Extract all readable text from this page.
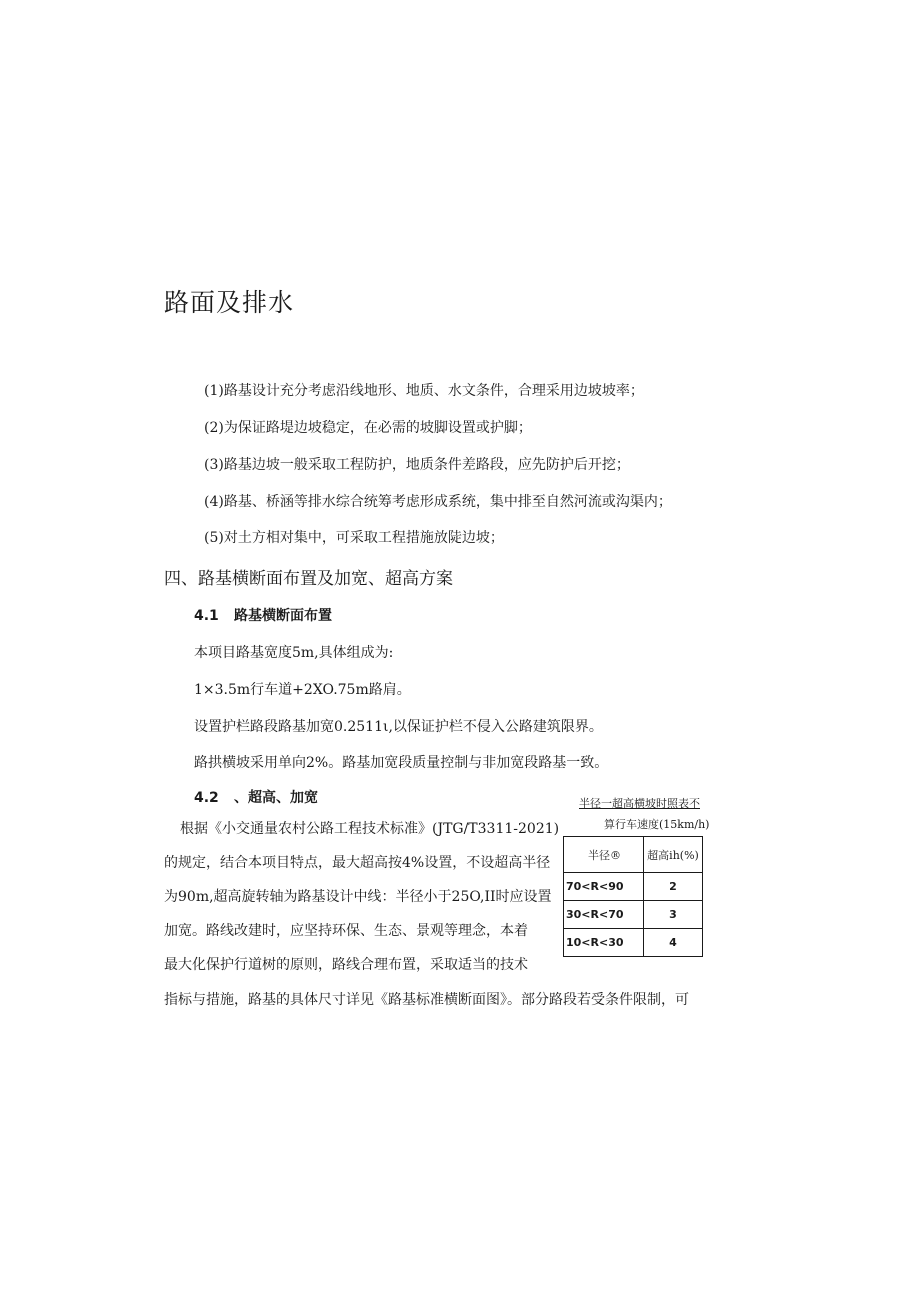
路面及排水
(1)路基设计充分考虑沿线地形、地质、水文条件，合理采用边坡坡率；
(2)为保证路堤边坡稳定，在必需的坡脚设置或护脚；
(3)路基边坡一般采取工程防护，地质条件差路段，应先防护后开挖；
(4)路基、桥涵等排水综合统筹考虑形成系统，集中排至自然河流或沟渠内；
(5)对土方相对集中，可采取工程措施放陡边坡；
四、路基横断面布置及加宽、超高方案
4.1 路基横断面布置
本项目路基宽度5m,具体组成为:
1×3.5m行车道+2XO.75m路肩。
设置护栏路段路基加宽0.2511ι,以保证护栏不侵入公路建筑限界。
路拱横坡采用单向2%。路基加宽段质量控制与非加宽段路基一致。
4.2 、超高、加宽
根据《小交通量农村公路工程技术标准》(JTG/T3311-2021)
的规定，结合本项目特点，最大超高按4%设置，不设超高半径
为90m,超高旋转轴为路基设计中线：半径小于25O,II时应设置
加宽。路线改建时，应坚持环保、生态、景观等理念，本着
最大化保护行道树的原则，路线合理布置，采取适当的技术
指标与措施，路基的具体尺寸详见《路基标准横断面图》。部分路段若受条件限制，可
半径一超高横坡时照表不
算行车速度(15km/h)
半径®	超高ih(%)
70<R<90	2
30<R<70	3
10<R<30	4
